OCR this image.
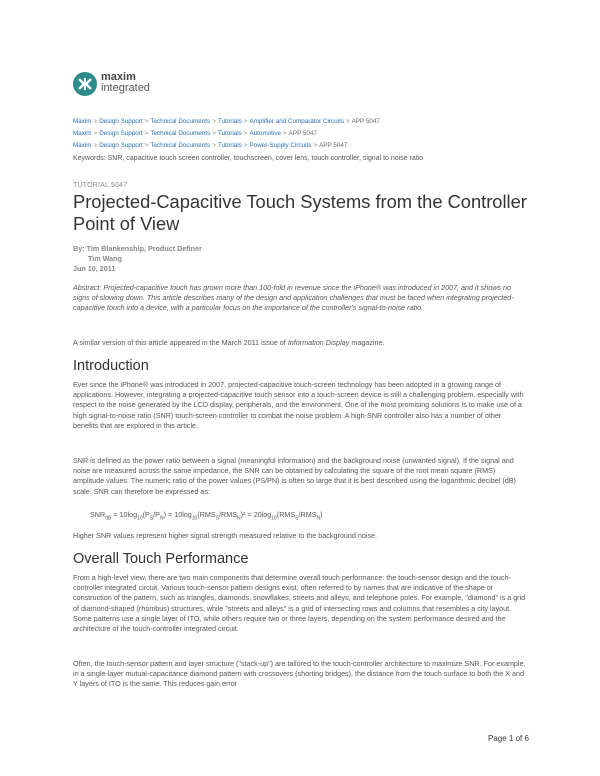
maxim
integrated
Maxim > Design Support > Technical Documents > Tutorials > Amplifier and Comparator Circuits > APP 5047
Maxim > Design Support > Technical Documents > Tutorials > Automotive > APP 5047
Maxim > Design Support > Technical Documents > Tutorials > Power-Supply Circuits > APP 5047
Keywords: SNR, capacitive touch screen controller, touchscreen, cover lens, touch controller, signal to noise ratio
TUTORIAL 5047
Projected-Capacitive Touch Systems from the Controller Point of View
By: Tim Blankenship, Product Definer
Tim Wang
Jun 10, 2011
Abstract: Projected-capacitive touch has grown more than 100-fold in revenue since the iPhone® was introduced in 2007, and it shows no signs of slowing down. This article describes many of the design and application challenges that must be faced when integrating projected-capacitive touch into a device, with a particular focus on the importance of the controller's signal-to-noise ratio.
A similar version of this article appeared in the March 2011 issue of Information Display magazine.
Introduction
Ever since the iPhone® was introduced in 2007, projected-capacitive touch-screen technology has been adopted in a growing range of applications. However, integrating a projected-capacitive touch sensor into a touch-screen device is still a challenging problem, especially with respect to the noise generated by the LCD display, peripherals, and the environment. One of the most promising solutions is to make use of a high signal-to-noise ratio (SNR) touch-screen controller to combat the noise problem. A high-SNR controller also has a number of other benefits that are explored in this article.
SNR is defined as the power ratio between a signal (meaningful information) and the background noise (unwanted signal). If the signal and noise are measured across the same impedance, the SNR can be obtained by calculating the square of the root mean square (RMS) amplitude values. The numeric ratio of the power values (PS/PN) is often so large that it is best described using the logarithmic decibel (dB) scale. SNR can therefore be expressed as:
$SNR_{dB} = 10\log_{10}(P_S/P_N) = 10\log_{10}(RMS_S/RMS_N)^2 = 20\log_{10}(RMS_S/RMS_N)$
Higher SNR values represent higher signal strength measured relative to the background noise.
Overall Touch Performance
From a high-level view, there are two main components that determine overall touch performance: the touch-sensor design and the touch-controller integrated circuit. Various touch-sensor pattern designs exist, often referred to by names that are indicative of the shape or construction of the pattern, such as triangles, diamonds, snowflakes, streets and alleys, and telephone poles. For example, "diamond" is a grid of diamond-shaped (rhombus) structures, while "streets and alleys" is a grid of intersecting rows and columns that resembles a city layout. Some patterns use a single layer of ITO, while others require two or three layers, depending on the system performance desired and the architecture of the touch-controller integrated circuit.
Often, the touch-sensor pattern and layer structure ("stack-up") are tailored to the touch-controller architecture to maximize SNR. For example, in a single-layer mutual-capacitance diamond pattern with crossovers (shorting bridges), the distance from the touch surface to both the X and Y layers of ITO is the same. This reduces gain error
Page 1 of 6
